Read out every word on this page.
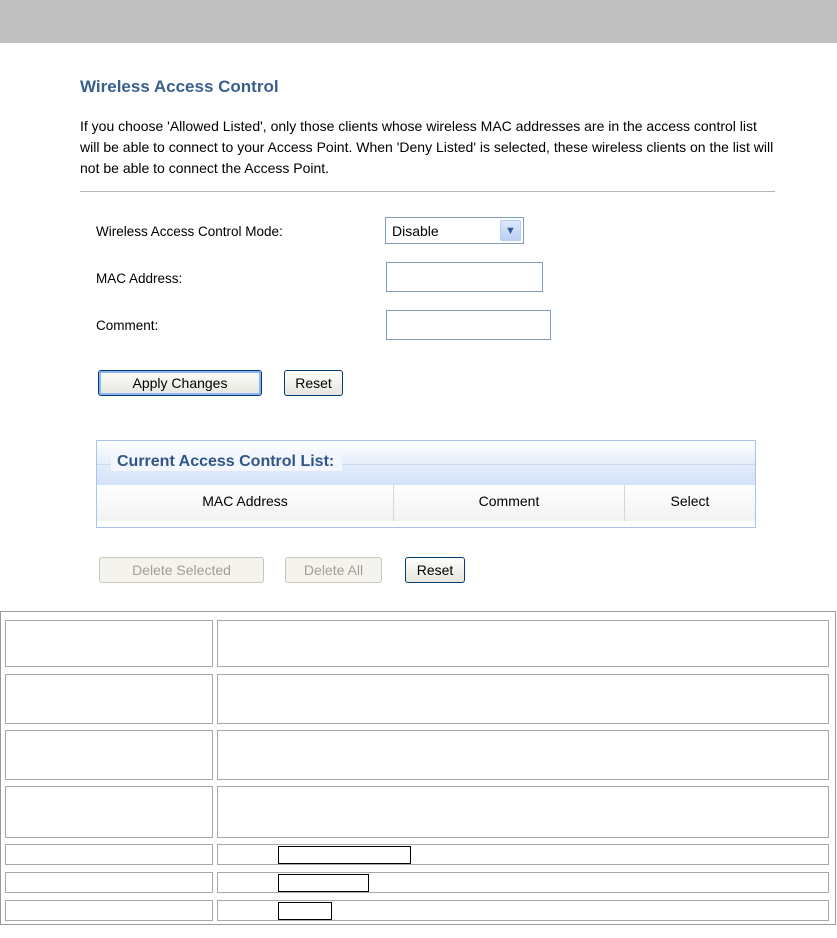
Wireless Access Control
If you choose 'Allowed Listed', only those clients whose wireless MAC addresses are in the access control list will be able to connect to your Access Point. When 'Deny Listed' is selected, these wireless clients on the list will not be able to connect the Access Point.
Wireless Access Control Mode:	Disable	▼
MAC Address:
Comment:
Apply Changes	Reset
Current Access Control List:
MAC Address	Comment	Select
Delete Selected	Delete All	Reset
